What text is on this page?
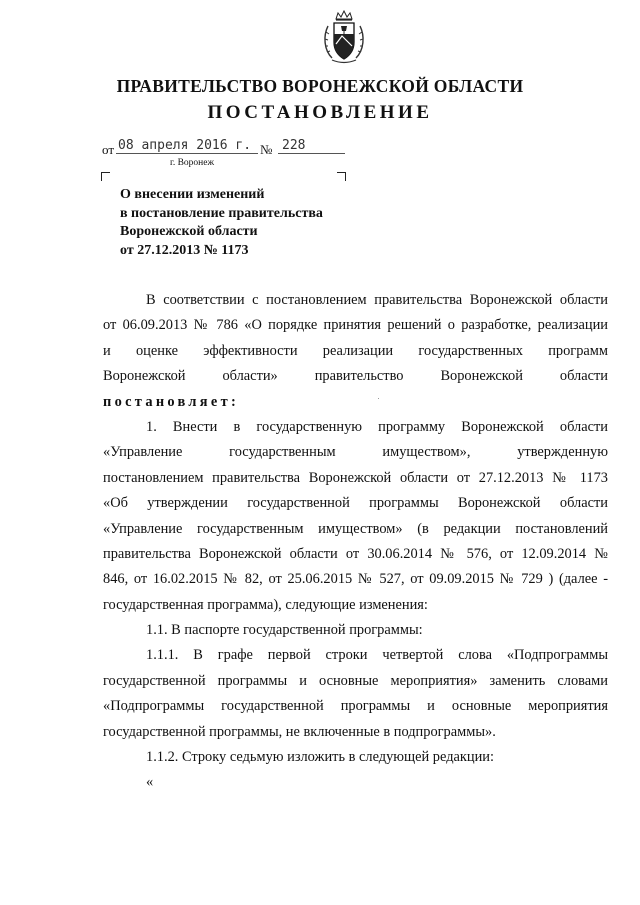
ПРАВИТЕЛЬСТВО ВОРОНЕЖСКОЙ ОБЛАСТИ
ПОСТАНОВЛЕНИЕ
от 08 апреля 2016 г. № 228
г. Воронеж
О внесении изменений
в постановление правительства
Воронежской области
от 27.12.2013 № 1173
В соответствии с постановлением правительства Воронежской области
от 06.09.2013 № 786 «О порядке принятия решений о разработке, реализации
и оценке эффективности реализации государственных программ
Воронежской области» правительство Воронежской области
постановляет:
1. Внести в государственную программу Воронежской области
«Управление государственным имуществом», утвержденную
постановлением правительства Воронежской области от 27.12.2013 № 1173
«Об утверждении государственной программы Воронежской области
«Управление государственным имуществом» (в редакции постановлений
правительства Воронежской области от 30.06.2014 № 576, от 12.09.2014 №
846, от 16.02.2015 № 82, от 25.06.2015 № 527, от 09.09.2015 № 729 ) (далее -
государственная программа), следующие изменения:
1.1. В паспорте государственной программы:
1.1.1. В графе первой строки четвертой слова «Подпрограммы
государственной программы и основные мероприятия» заменить словами
«Подпрограммы государственной программы и основные мероприятия
государственной программы, не включенные в подпрограммы».
1.1.2. Строку седьмую изложить в следующей редакции:
«
